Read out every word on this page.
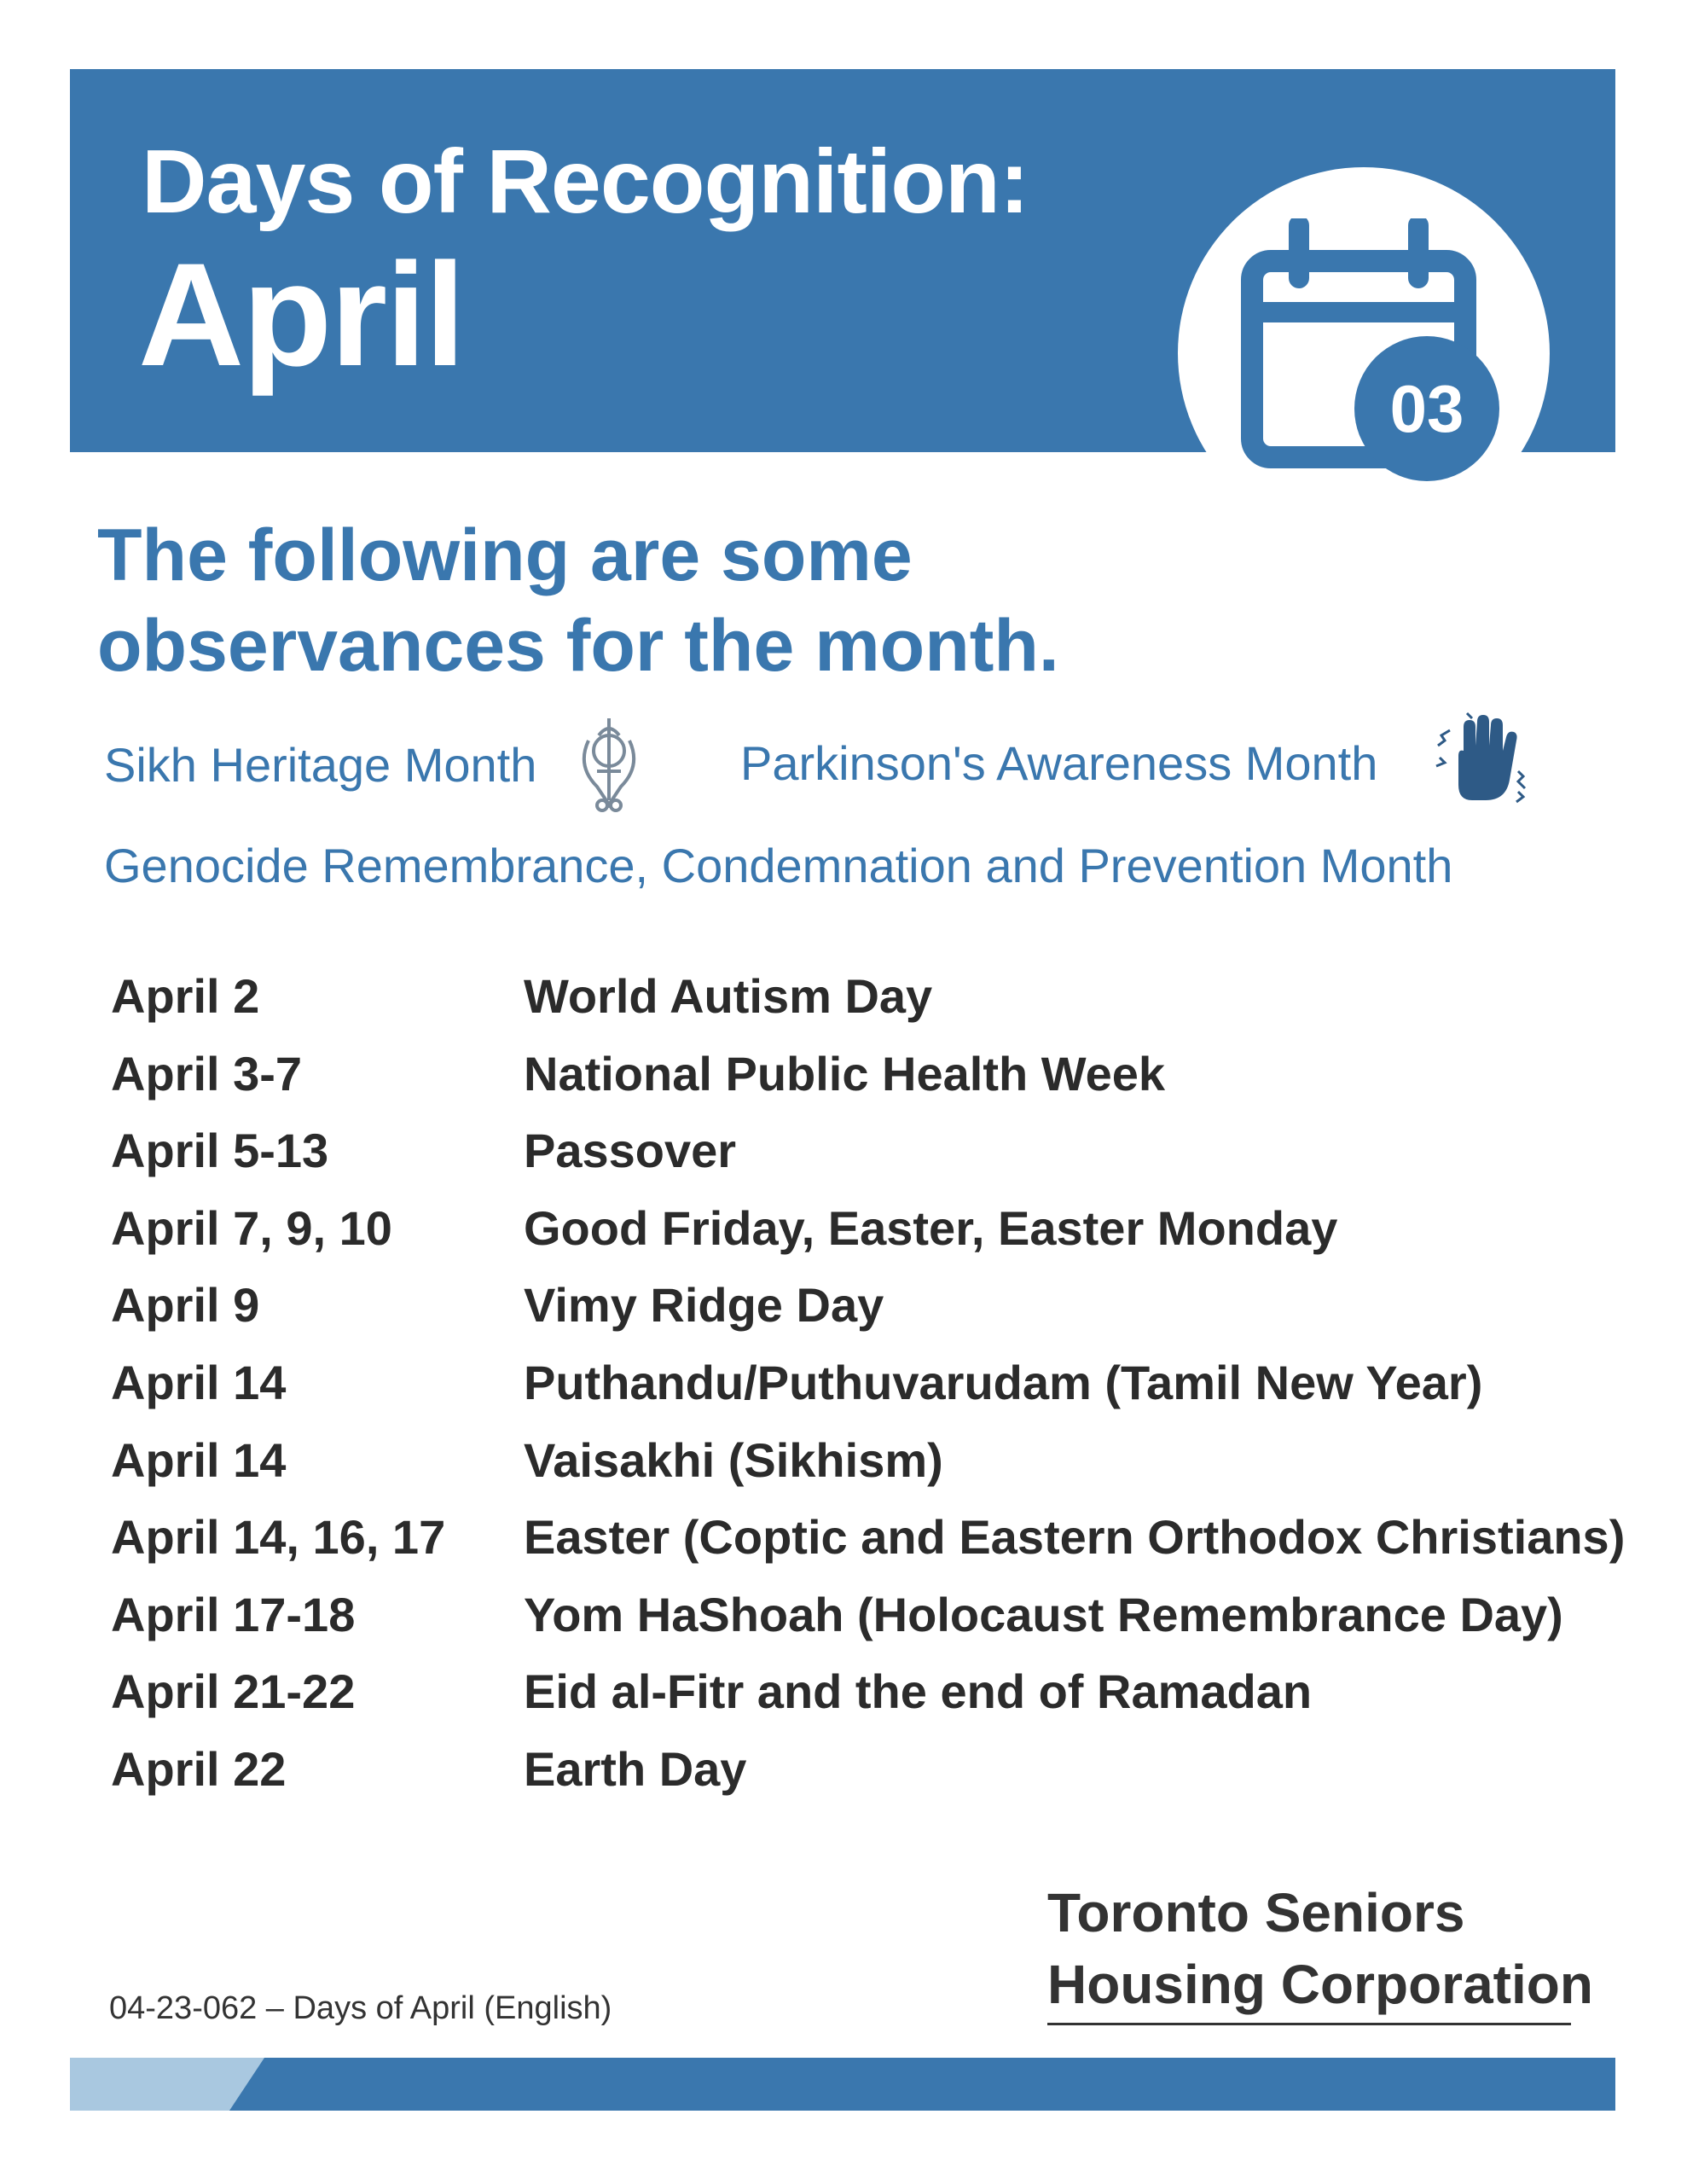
Days of Recognition:
April
03
The following are some observances for the month.
Sikh Heritage Month	Parkinson's Awareness Month
Genocide Remembrance, Condemnation and Prevention Month
April 2	World Autism Day
April 3-7	National Public Health Week
April 5-13	Passover
April 7, 9, 10	Good Friday, Easter, Easter Monday
April 9	Vimy Ridge Day
April 14	Puthandu/Puthuvarudam (Tamil New Year)
April 14	Vaisakhi (Sikhism)
April 14, 16, 17 Easter (Coptic and Eastern Orthodox Christians)
April 17-18	Yom HaShoah (Holocaust Remembrance Day)
April 21-22	Eid al-Fitr and the end of Ramadan
April 22	Earth Day
04-23-062 – Days of April (English)
Toronto Seniors
Housing Corporation
